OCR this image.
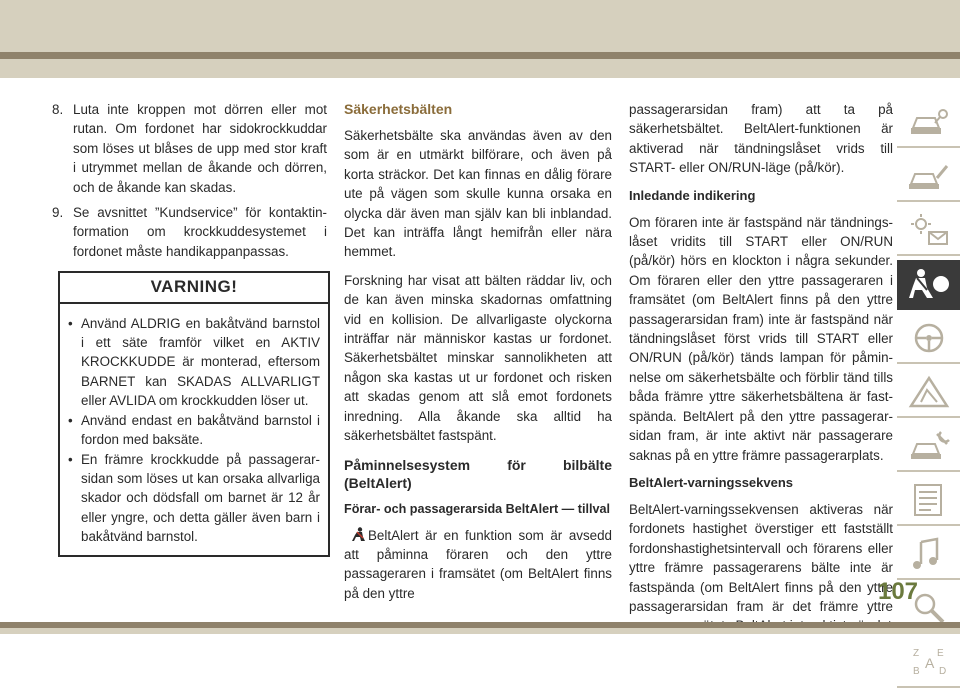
8. Luta inte kroppen mot dörren eller mot rutan. Om fordonet har sidokrockkuddar som löses ut blåses de upp med stor kraft i utrymmet mellan de åkande och dörren, och de åkande kan skadas.
9. Se avsnittet ”Kundservice” för kontaktinformation om krockkuddesystemet i fordonet måste handikappanpassas.
VARNING!
• Använd ALDRIG en bakåtvänd barnstol i ett säte framför vilket en AKTIV KROCKKUDDE är monterad, eftersom BARNET kan SKADAS ALLVARLIGT eller AVLIDA om krockkudden löser ut.
• Använd endast en bakåtvänd barnstol i fordon med baksäte.
• En främre krockkudde på passagerarsidan som löses ut kan orsaka allvarliga skador och dödsfall om barnet är 12 år eller yngre, och detta gäller även barn i bakåtvänd barnstol.
Säkerhetsbälten

Säkerhetsbälte ska användas även av den som är en utmärkt bilförare, och även på korta sträckor. Det kan finnas en dålig förare ute på vägen som skulle kunna orsaka en olycka där även man själv kan bli inblandad. Det kan inträffa långt hemifrån eller nära hemmet.

Forskning har visat att bälten räddar liv, och de kan även minska skadornas omfattning vid en kollision. De allvarligaste olyckorna inträffar när människor kastas ur fordonet. Säkerhetsbältet minskar sannolikheten att någon ska kastas ut ur fordonet och risken att skadas genom att slå emot fordonets inredning. Alla åkande ska alltid ha säkerhetsbältet fastspänt.

Påminnelsesystem för bilbälte (BeltAlert)
Förar- och passagerarsida BeltAlert — tillval

BeltAlert är en funktion som är avsedd att påminna föraren och den yttre passageraren i framsätet (om BeltAlert finns på den yttre

passagerarsidan fram) att ta på säkerhetsbältet. BeltAlert-funktionen är aktiverad när tändningslåset vrids till START- eller ON/RUN-läge (på/kör).

Inledande indikering

Om föraren inte är fastspänd när tändningslåset vridits till START eller ON/RUN (på/kör) hörs en klockton i några sekunder. Om föraren eller den yttre passageraren i framsätet (om BeltAlert finns på den yttre passagerarsidan fram) inte är fastspänd när tändningslåset först vrids till START eller ON/RUN (på/kör) tänds lampan för påminnelse om säkerhetsbälte och förblir tänd tills båda främre yttre säkerhetsbältena är fastspända. BeltAlert på den yttre passagerarsidan fram, är inte aktivt när passagerare saknas på en yttre främre passagerarplats.

BeltAlert-varningssekvens

BeltAlert-varningssekvensen aktiveras när fordonets hastighet överstiger ett fastställt fordonshastighetsintervall och förarens eller yttre främre passagerarens bälte inte är fastspända (om BeltAlert finns på den yttre passagerarsidan fram är det främre yttre

Z E
B
A
D
107
